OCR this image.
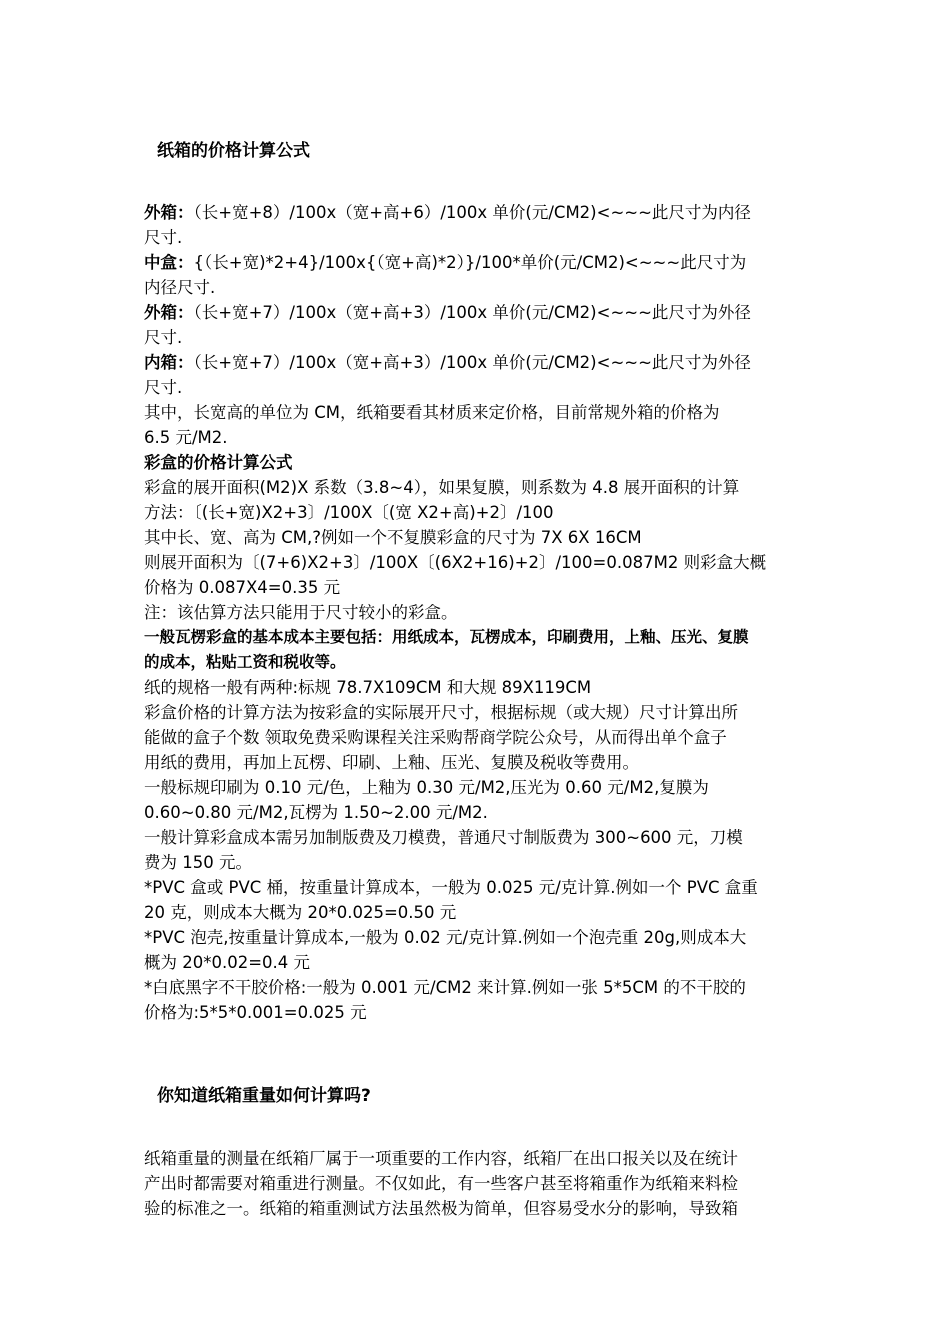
纸箱的价格计算公式
外箱：（长+宽+8）/100x（宽+高+6）/100x 单价(元/CM2)<~~~此尺寸为内径
尺寸.
中盒：{（长+宽)*2+4}/100x{（宽+高)*2）}/100*单价(元/CM2)<~~~此尺寸为
内径尺寸.
外箱：（长+宽+7）/100x（宽+高+3）/100x 单价(元/CM2)<~~~此尺寸为外径
尺寸.
内箱：（长+宽+7）/100x（宽+高+3）/100x 单价(元/CM2)<~~~此尺寸为外径
尺寸.
其中，长宽高的单位为 CM，纸箱要看其材质来定价格，目前常规外箱的价格为
6.5 元/M2.
彩盒的价格计算公式
彩盒的展开面积(M2)X 系数（3.8~4），如果复膜，则系数为 4.8 展开面积的计算
方法：〔(长+宽)X2+3〕/100X〔(宽 X2+高)+2〕/100
其中长、宽、高为 CM,?例如一个不复膜彩盒的尺寸为 7X 6X 16CM
则展开面积为〔(7+6)X2+3〕/100X〔(6X2+16)+2〕/100=0.087M2 则彩盒大概
价格为 0.087X4=0.35 元
注：该估算方法只能用于尺寸较小的彩盒。
一般瓦楞彩盒的基本成本主要包括：用纸成本，瓦楞成本，印刷费用，上釉、压光、复膜
的成本，粘贴工资和税收等。
纸的规格一般有两种:标规 78.7X109CM 和大规 89X119CM
彩盒价格的计算方法为按彩盒的实际展开尺寸，根据标规（或大规）尺寸计算出所
能做的盒子个数 领取免费采购课程关注采购帮商学院公众号，从而得出单个盒子
用纸的费用，再加上瓦楞、印刷、上釉、压光、复膜及税收等费用。
一般标规印刷为 0.10 元/色，上釉为 0.30 元/M2,压光为 0.60 元/M2,复膜为
0.60~0.80 元/M2,瓦楞为 1.50~2.00 元/M2.
一般计算彩盒成本需另加制版费及刀模费，普通尺寸制版费为 300~600 元，刀模
费为 150 元。
*PVC 盒或 PVC 桶，按重量计算成本，一般为 0.025 元/克计算.例如一个 PVC 盒重
20 克，则成本大概为 20*0.025=0.50 元
*PVC 泡壳,按重量计算成本,一般为 0.02 元/克计算.例如一个泡壳重 20g,则成本大
概为 20*0.02=0.4 元
*白底黑字不干胶价格:一般为 0.001 元/CM2 来计算.例如一张 5*5CM 的不干胶的
价格为:5*5*0.001=0.025 元
你知道纸箱重量如何计算吗?
纸箱重量的测量在纸箱厂属于一项重要的工作内容，纸箱厂在出口报关以及在统计
产出时都需要对箱重进行测量。不仅如此，有一些客户甚至将箱重作为纸箱来料检
验的标准之一。纸箱的箱重测试方法虽然极为简单，但容易受水分的影响，导致箱
